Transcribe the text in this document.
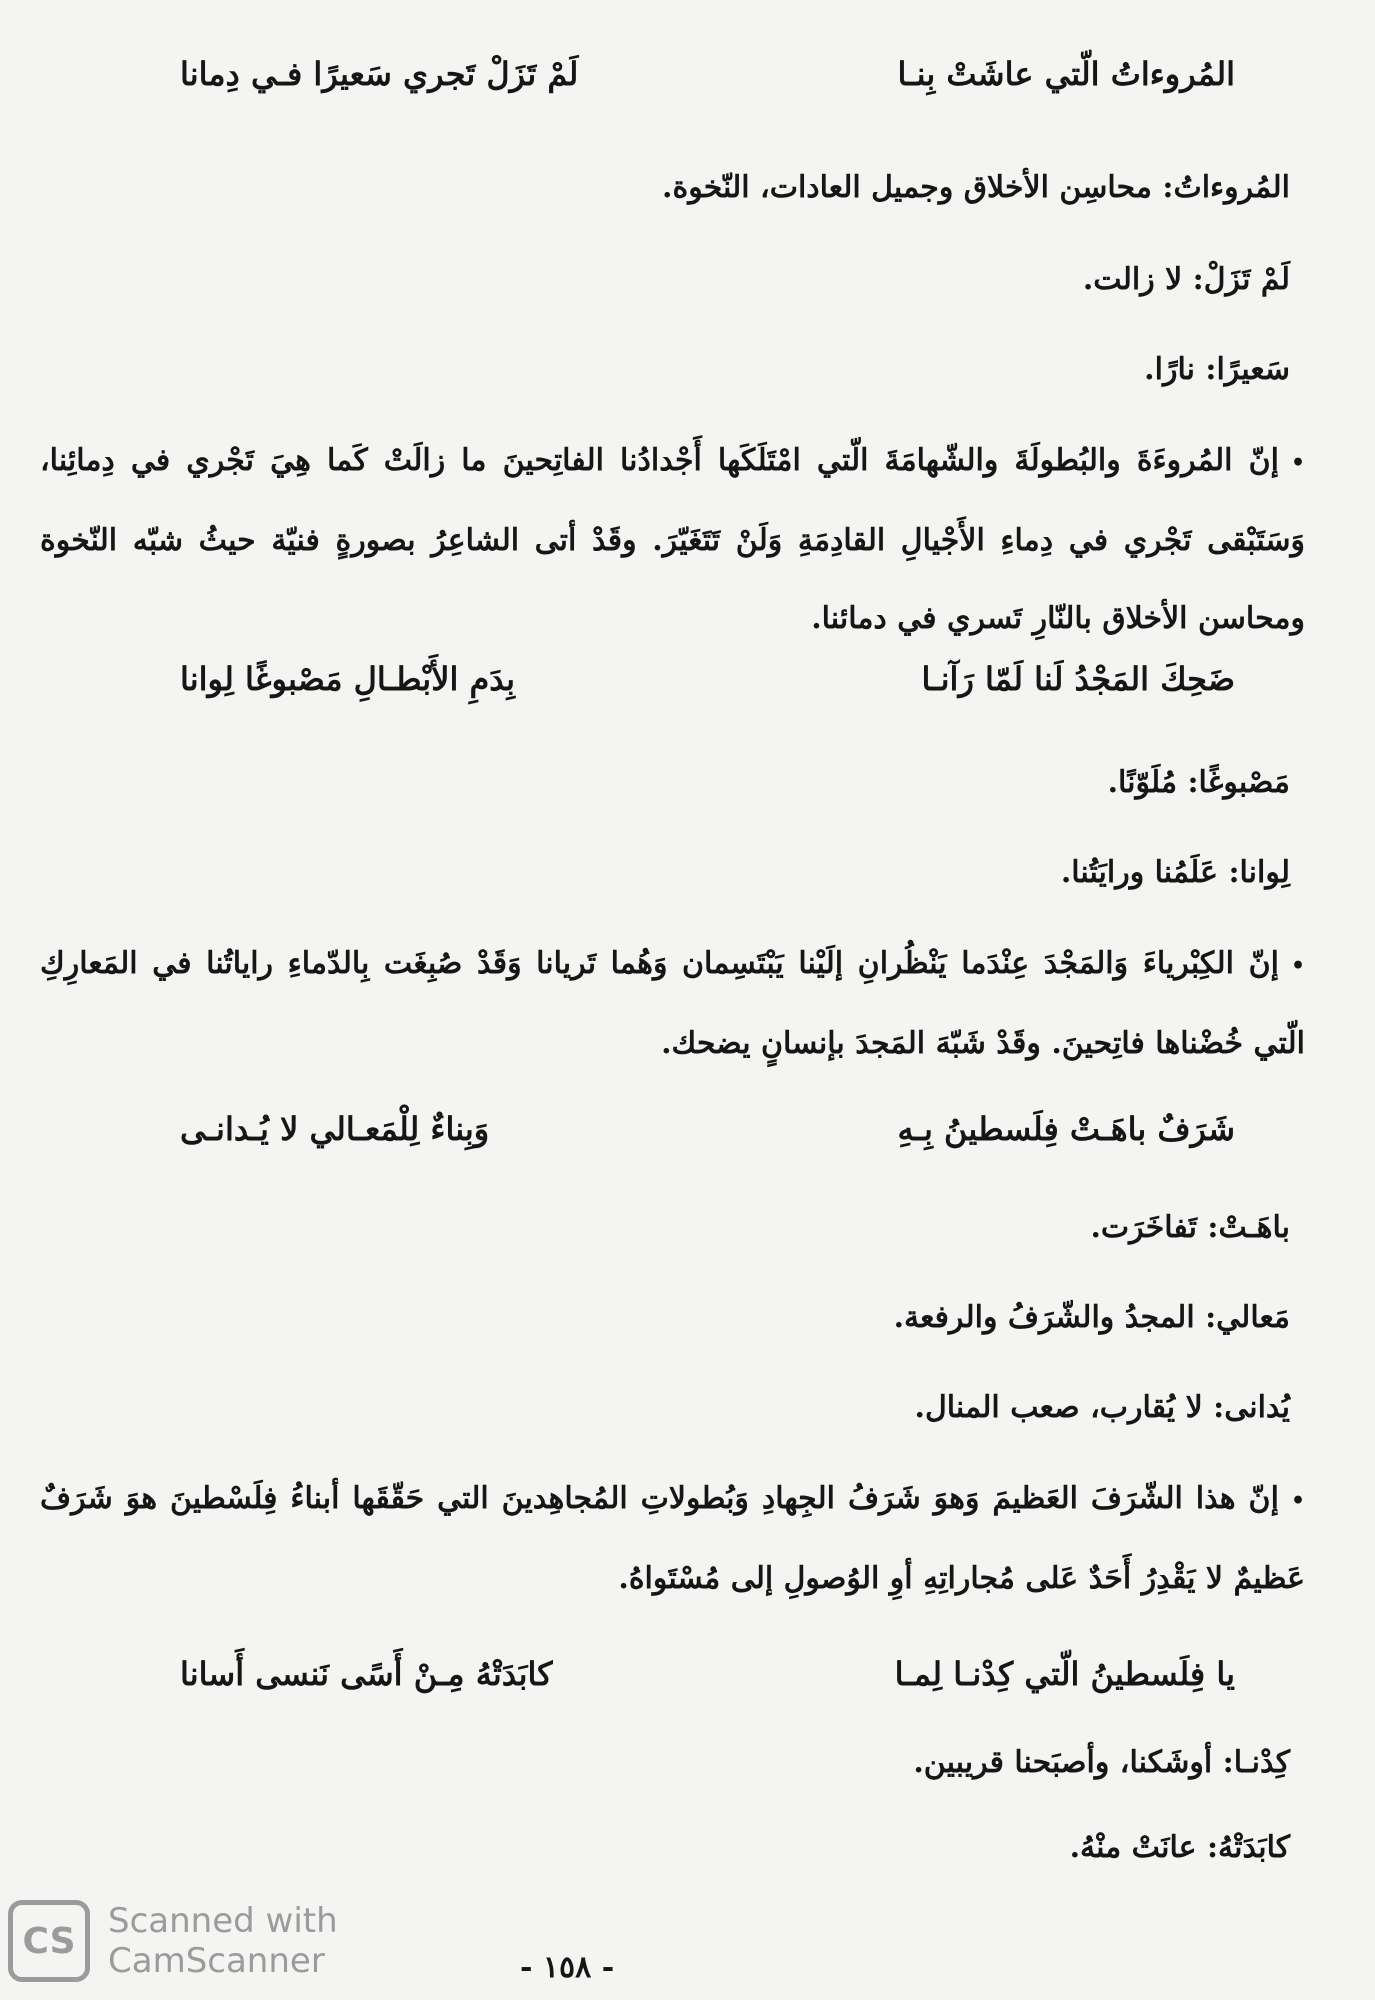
لَمْ تَزَلْ تَجري سَعيرًا فـي دِمانا	المُروءاتُ الّتي عاشَتْ بِنـا
المُروءاتُ: محاسِن الأخلاق وجميل العادات، النّخوة.
لَمْ تَزَلْ: لا زالت.
سَعيرًا: نارًا.
•إنّ المُروءَةَ والبُطولَةَ والشّهامَةَ الّتي امْتَلَكَها أَجْدادُنا الفاتِحينَ ما زالَتْ كَما هِيَ تَجْري في دِمائِنا، وَسَتَبْقى تَجْري في دِماءِ الأَجْيالِ القادِمَةِ وَلَنْ تَتَغَيّرَ. وقَدْ أتى الشاعِرُ بصورةٍ فنيّة حيثُ شبّه النّخوة ومحاسن الأخلاق بالنّارِ تَسري في دمائنا.
بِدَمِ الأَبْطـالِ مَصْبوغًا لِوانا	ضَحِكَ المَجْدُ لَنا لَمّا رَآنـا
مَصْبوغًا: مُلَوّنًا.
لِوانا: عَلَمُنا ورايَتُنا.
•إنّ الكِبْرياءَ وَالمَجْدَ عِنْدَما يَنْظُرانِ إلَيْنا يَبْتَسِمان وَهُما تَريانا وَقَدْ صُبِغَت بِالدّماءِ راياتُنا في المَعارِكِ الّتي خُضْناها فاتِحينَ. وقَدْ شَبّهَ المَجدَ بإنسانٍ يضحك.
وَبِناءٌ لِلْمَعـالي لا يُـدانـى	شَرَفٌ باهَـتْ فِلَسطينُ بِـهِ
باهَـتْ: تَفاخَرَت.
مَعالي: المجدُ والشّرَفُ والرفعة.
يُدانى: لا يُقارب، صعب المنال.
•إنّ هذا الشّرَفَ العَظيمَ وَهوَ شَرَفُ الجِهادِ وَبُطولاتِ المُجاهِدينَ التي حَقّقَها أبناءُ فِلَسْطينَ هوَ شَرَفٌ عَظيمٌ لا يَقْدِرُ أَحَدٌ عَلى مُجاراتِهِ أوِ الوُصولِ إلى مُسْتَواهُ.
كابَدَتْهُ مِـنْ أَسًى نَنسى أَسانا	يا فِلَسطينُ الّتي كِدْنـا لِمـا
كِدْنـا: أوشَكنا، وأصبَحنا قريبين.
كابَدَتْهُ: عانَتْ منْهُ.
CS Scanned with
CamScanner	- ١٥٨ -
